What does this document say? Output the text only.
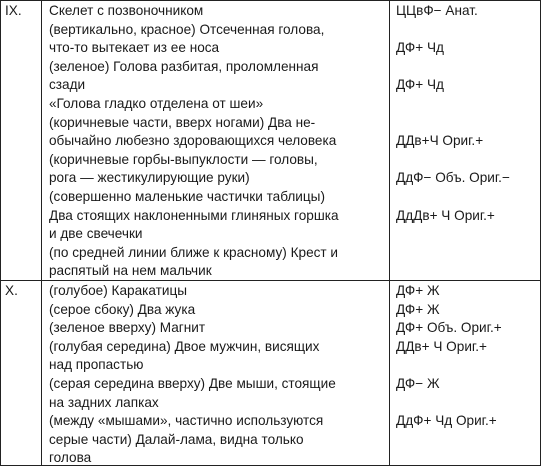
IX. Скелет с позвоночником
(вертикально, красное) Отсеченная голова,
что-то вытекает из ее носа
(зеленое) Голова разбитая, проломленная
сзади
«Голова гладко отделена от шеи»
(коричневые части, вверх ногами) Два не-
обычайно любезно здоровающихся человека
(коричневые горбы-выпуклости — головы,
рога — жестикулирующие руки)
(совершенно маленькие частички таблицы)
Два стоящих наклоненными глиняных горшка
и две свечечки
(по средней линии ближе к красному) Крест и
распятый на нем мальчик
ЦЦвФ− Анат.
ДФ+ Чд
ДФ+ Чд
ДДв+Ч Ориг.+
ДдФ− Объ. Ориг.−
ДдДв+ Ч Ориг.+
X. (голубое) Каракатицы
(серое сбоку) Два жука
(зеленое вверху) Магнит
(голубая середина) Двое мужчин, висящих
над пропастью
(серая середина вверху) Две мыши, стоящие
на задних лапках
(между «мышами», частично используются
серые части) Далай-лама, видна только
голова
ДФ+ Ж
ДФ+ Ж
ДФ+ Объ. Ориг.+
ДДв+ Ч Ориг.+
ДФ− Ж
ДдФ+ Чд Ориг.+
